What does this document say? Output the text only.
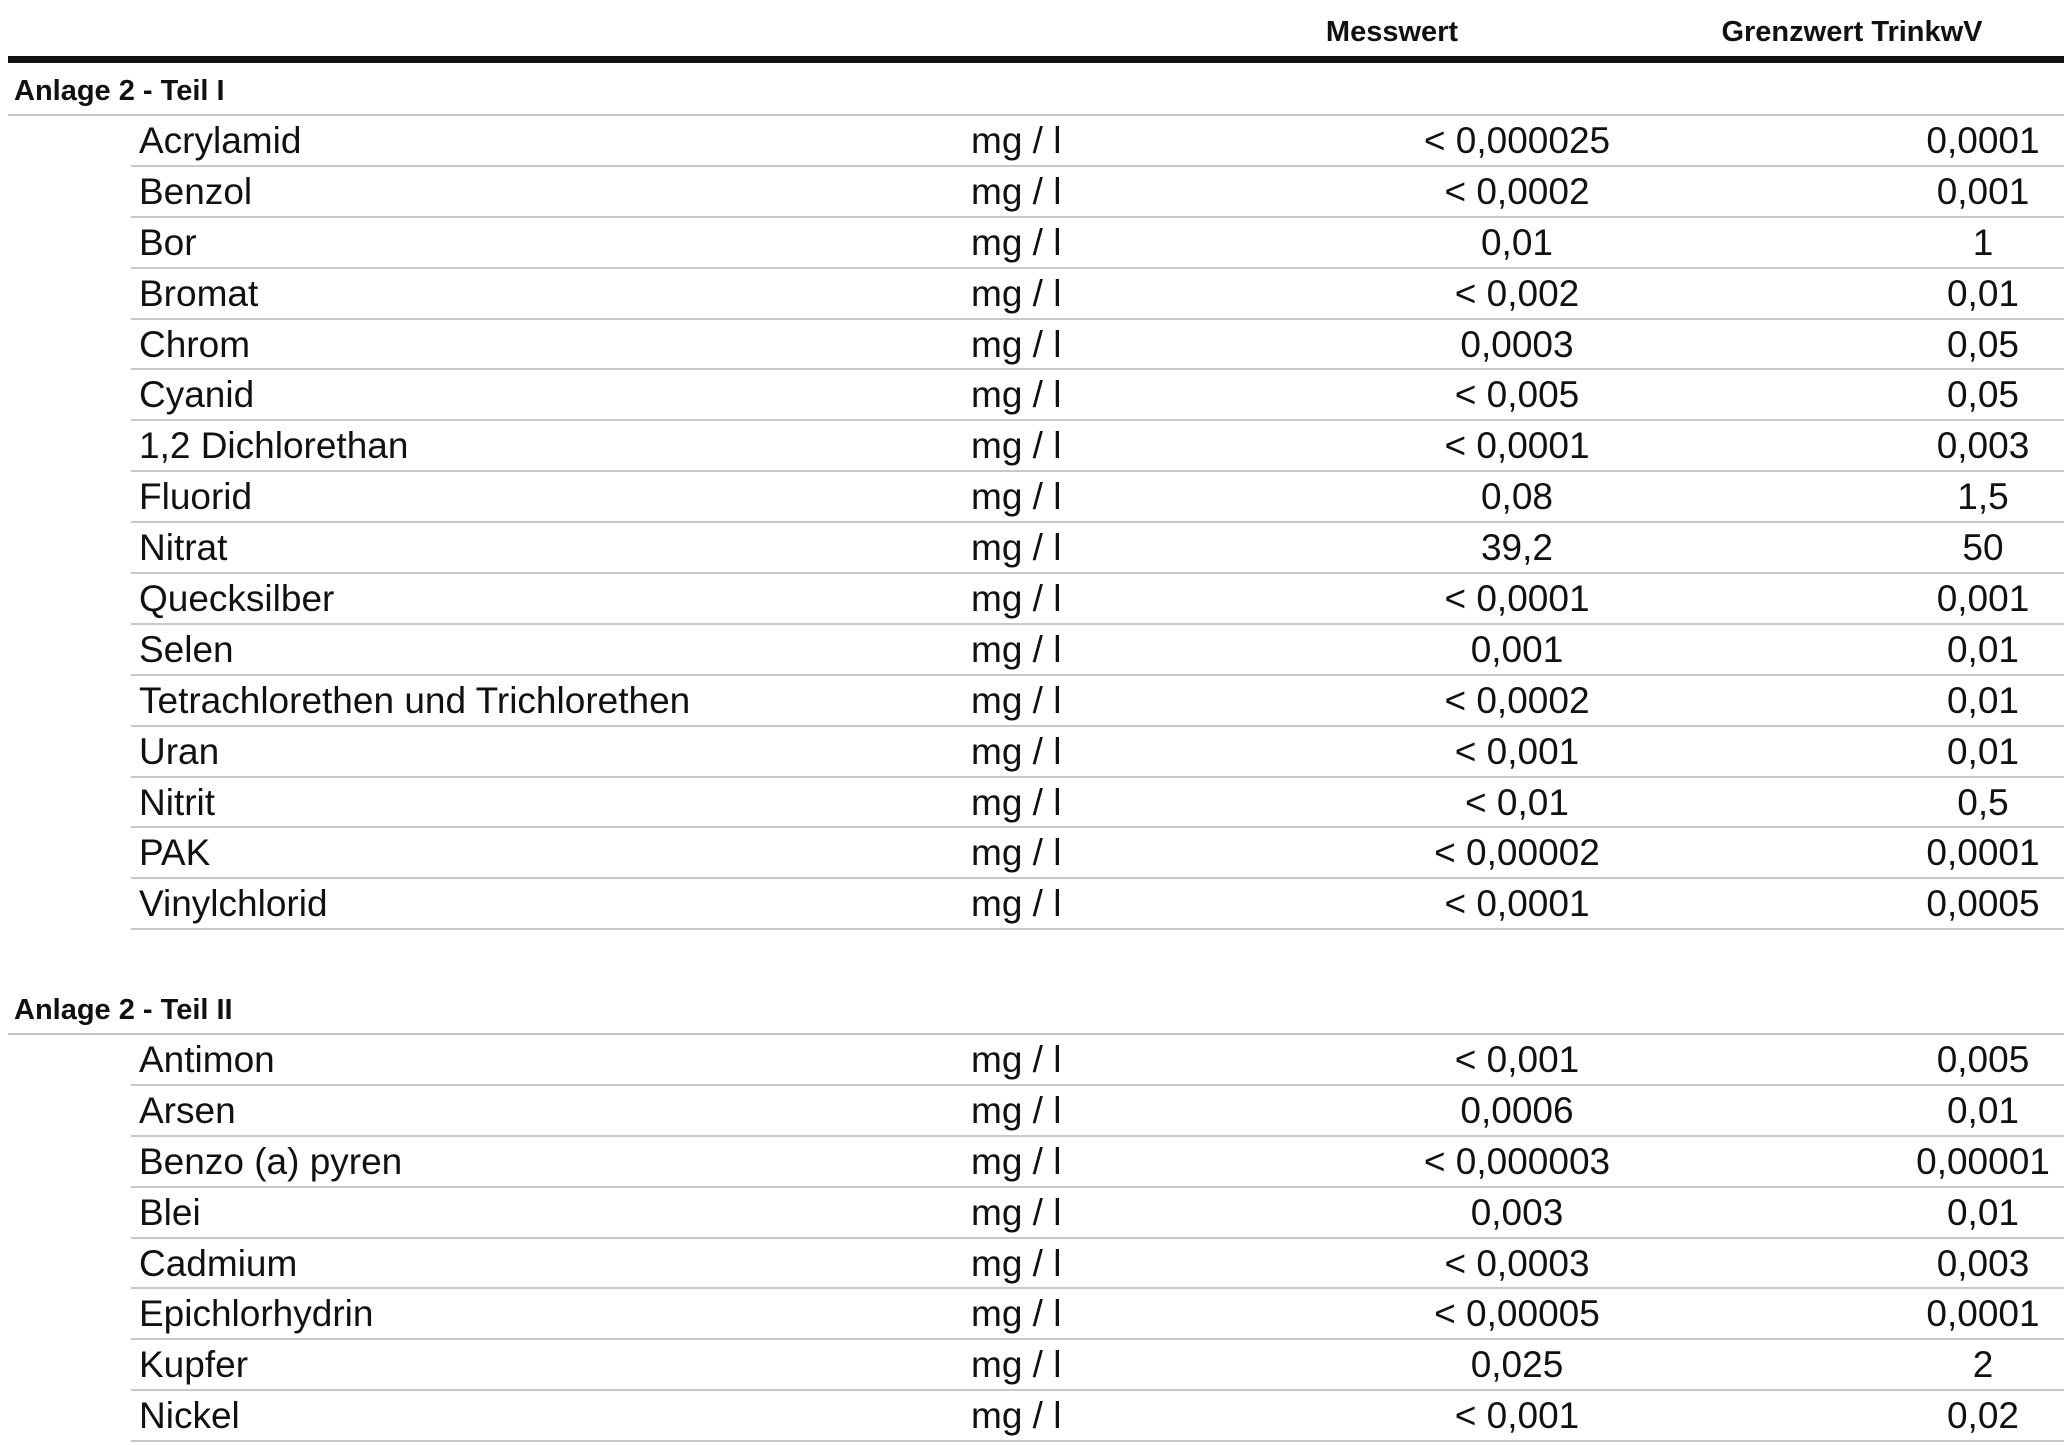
Messwert	Grenzwert TrinkwV
Anlage 2 - Teil I
Acrylamid	mg / l	< 0,000025	0,0001
Benzol	mg / l	< 0,0002	0,001
Bor	mg / l	0,01	1
Bromat	mg / l	< 0,002	0,01
Chrom	mg / l	0,0003	0,05
Cyanid	mg / l	< 0,005	0,05
1,2 Dichlorethan	mg / l	< 0,0001	0,003
Fluorid	mg / l	0,08	1,5
Nitrat	mg / l	39,2	50
Quecksilber	mg / l	< 0,0001	0,001
Selen	mg / l	0,001	0,01
Tetrachlorethen und Trichlorethen	mg / l	< 0,0002	0,01
Uran	mg / l	< 0,001	0,01
Nitrit	mg / l	< 0,01	0,5
PAK	mg / l	< 0,00002	0,0001
Vinylchlorid	mg / l	< 0,0001	0,0005
Anlage 2 - Teil II
Antimon	mg / l	< 0,001	0,005
Arsen	mg / l	0,0006	0,01
Benzo (a) pyren	mg / l	< 0,000003	0,00001
Blei	mg / l	0,003	0,01
Cadmium	mg / l	< 0,0003	0,003
Epichlorhydrin	mg / l	< 0,00005	0,0001
Kupfer	mg / l	0,025	2
Nickel	mg / l	< 0,001	0,02
